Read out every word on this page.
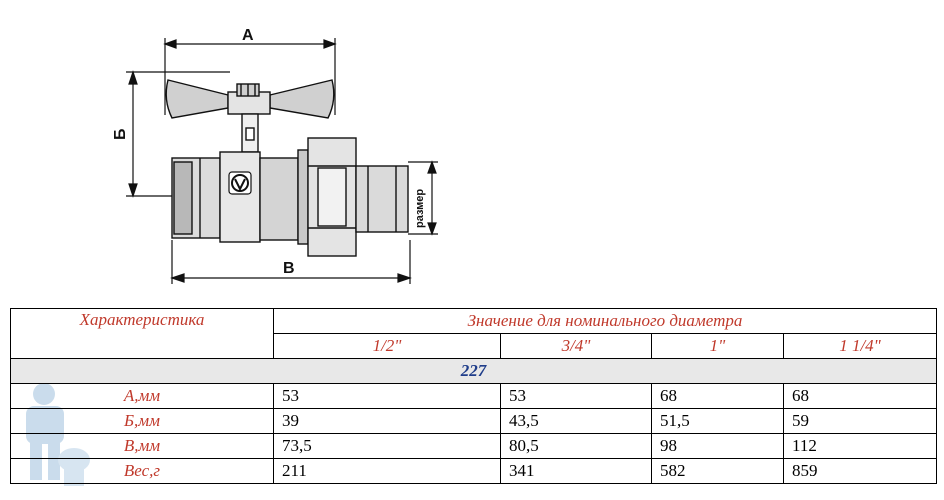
A
Б
B
размер
Характеристика	Значение для номинального диаметра			
	1/2"	3/4"	1"	1 1/4"
227				
А,мм	53	53	68	68
Б,мм	39	43,5	51,5	59
В,мм	73,5	80,5	98	112
Вес,г	211	341	582	859
